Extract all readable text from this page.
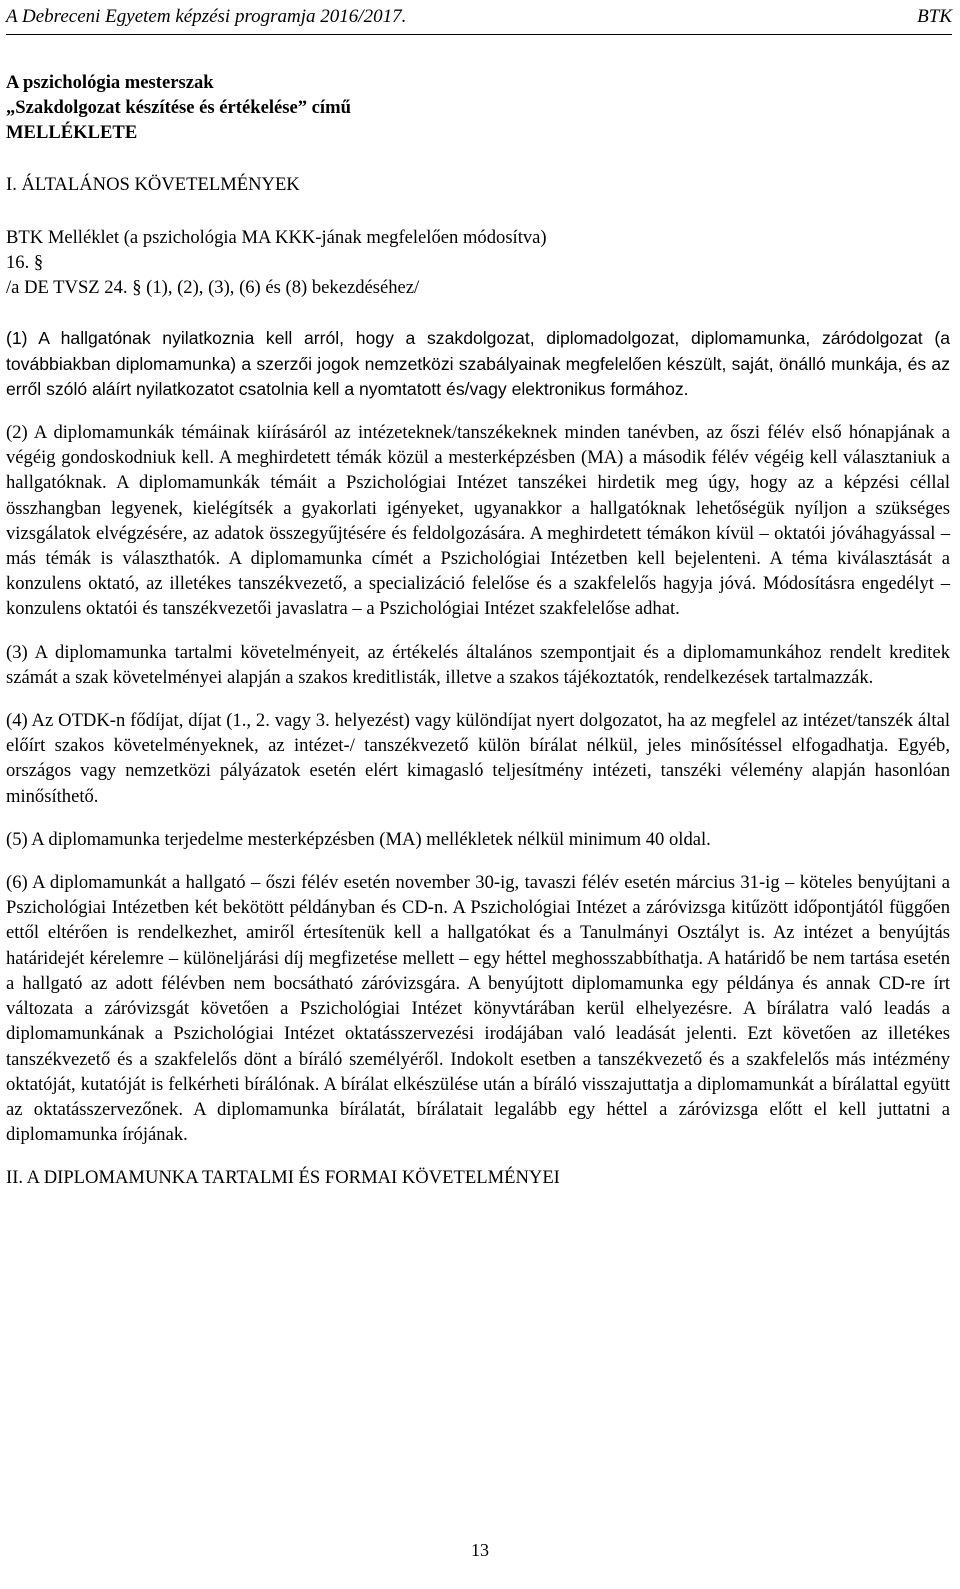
A Debreceni Egyetem képzési programja 2016/2017.	BTK
A pszichológia mesterszak
„Szakdolgozat készítése és értékelése” című
MELLÉKLETE
I. ÁLTALÁNOS KÖVETELMÉNYEK
BTK Melléklet (a pszichológia MA KKK-jának megfelelően módosítva)
16. §
/a DE TVSZ 24. § (1), (2), (3), (6) és (8) bekezdéséhez/

(1) A hallgatónak nyilatkoznia kell arról, hogy a szakdolgozat, diplomadolgozat, diplomamunka, záródolgozat (a továbbiakban diplomamunka) a szerzői jogok nemzetközi szabályainak megfelelően készült, saját, önálló munkája, és az erről szóló aláírt nyilatkozatot csatolnia kell a nyomtatott és/vagy elektronikus formához.

(2) A diplomamunkák témáinak kiírásáról az intézeteknek/tanszékeknek minden tanévben, az őszi félév első hónapjának a végéig gondoskodniuk kell. A meghirdetett témák közül a mesterképzésben (MA) a második félév végéig kell választaniuk a hallgatóknak. A diplomamunkák témáit a Pszichológiai Intézet tanszékei hirdetik meg úgy, hogy az a képzési céllal összhangban legyenek, kielégítsék a gyakorlati igényeket, ugyanakkor a hallgatóknak lehetőségük nyíljon a szükséges vizsgálatok elvégzésére, az adatok összegyűjtésére és feldolgozására. A meghirdetett témákon kívül – oktatói jóváhagyással – más témák is választhatók. A diplomamunka címét a Pszichológiai Intézetben kell bejelenteni. A téma kiválasztását a konzulens oktató, az illetékes tanszékvezető, a specializáció felelőse és a szakfelelős hagyja jóvá. Módosításra engedélyt – konzulens oktatói és tanszékvezetői javaslatra – a Pszichológiai Intézet szakfelelőse adhat.

(3) A diplomamunka tartalmi követelményeit, az értékelés általános szempontjait és a diplomamunkához rendelt kreditek számát a szak követelményei alapján a szakos kreditlisták, illetve a szakos tájékoztatók, rendelkezések tartalmazzák.

(4) Az OTDK-n fődíjat, díjat (1., 2. vagy 3. helyezést) vagy különdíjat nyert dolgozatot, ha az megfelel az intézet/tanszék által előírt szakos követelményeknek, az intézet-/ tanszékvezető külön bírálat nélkül, jeles minősítéssel elfogadhatja. Egyéb, országos vagy nemzetközi pályázatok esetén elért kimagasló teljesítmény intézeti, tanszéki vélemény alapján hasonlóan minősíthető.

(5) A diplomamunka terjedelme mesterképzésben (MA) mellékletek nélkül minimum 40 oldal.

(6) A diplomamunkát a hallgató – őszi félév esetén november 30-ig, tavaszi félév esetén március 31-ig – köteles benyújtani a Pszichológiai Intézetben két bekötött példányban és CD-n. A Pszichológiai Intézet a záróvizsga kitűzött időpontjától függően ettől eltérően is rendelkezhet, amiről értesítenük kell a hallgatókat és a Tanulmányi Osztályt is. Az intézet a benyújtás határidejét kérelemre – különeljárási díj megfizetése mellett – egy héttel meghosszabbíthatja. A határidő be nem tartása esetén a hallgató az adott félévben nem bocsátható záróvizsgára. A benyújtott diplomamunka egy példánya és annak CD-re írt változata a záróvizsgát követően a Pszichológiai Intézet könyvtárában kerül elhelyezésre. A bírálatra való leadás a diplomamunkának a Pszichológiai Intézet oktatásszervezési irodájában való leadását jelenti. Ezt követően az illetékes tanszékvezető és a szakfelelős dönt a bíráló személyéről. Indokolt esetben a tanszékvezető és a szakfelelős más intézmény oktatóját, kutatóját is felkérheti bírálónak. A bírálat elkészülése után a bíráló visszajuttatja a diplomamunkát a bírálattal együtt az oktatásszervezőnek. A diplomamunka bírálatát, bírálatait legalább egy héttel a záróvizsga előtt el kell juttatni a diplomamunka írójának.

II. A DIPLOMAMUNKA TARTALMI ÉS FORMAI KÖVETELMÉNYEI
13
